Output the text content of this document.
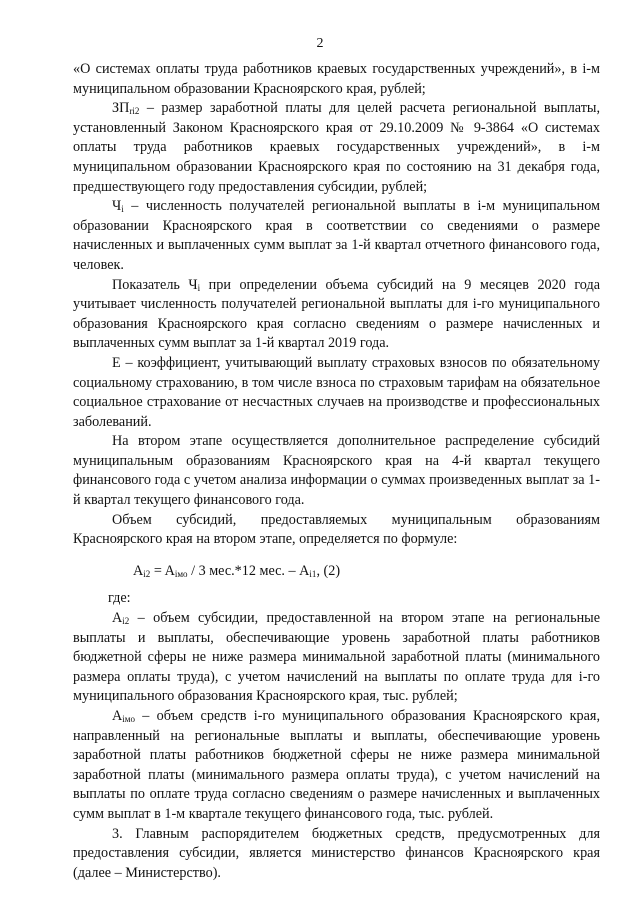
2

«О системах оплаты труда работников краевых государственных учреждений», в i-м муниципальном образовании Красноярского края, рублей;

$ЗП_{ri2}$ – размер заработной платы для целей расчета региональной выплаты, установленный Законом Красноярского края от 29.10.2009 № 9-3864 «О системах оплаты труда работников краевых государственных учреждений», в i-м муниципальном образовании Красноярского края по состоянию на 31 декабря года, предшествующего году предоставления субсидии, рублей;

$Ч_i$ – численность получателей региональной выплаты в i-м муниципальном образовании Красноярского края в соответствии со сведениями о размере начисленных и выплаченных сумм выплат за 1-й квартал отчетного финансового года, человек.

Показатель $Ч_i$ при определении объема субсидий на 9 месяцев 2020 года учитывает численность получателей региональной выплаты для i-го муниципального образования Красноярского края согласно сведениям о размере начисленных и выплаченных сумм выплат за 1-й квартал 2019 года.

Е – коэффициент, учитывающий выплату страховых взносов по обязательному социальному страхованию, в том числе взноса по страховым тарифам на обязательное социальное страхование от несчастных случаев на производстве и профессиональных заболеваний.

На втором этапе осуществляется дополнительное распределение субсидий муниципальным образованиям Красноярского края на 4-й квартал текущего финансового года с учетом анализа информации о суммах произведенных выплат за 1-й квартал текущего финансового года.

Объем субсидий, предоставляемых муниципальным образованиям Красноярского края на втором этапе, определяется по формуле:

$A_{i2} = A_{iмо} / 3$ мес.*12 мес. – $A_{i1}$, (2)

где:

$A_{i2}$ – объем субсидии, предоставленной на втором этапе на региональные выплаты и выплаты, обеспечивающие уровень заработной платы работников бюджетной сферы не ниже размера минимальной заработной платы (минимального размера оплаты труда), с учетом начислений на выплаты по оплате труда для i-го муниципального образования Красноярского края, тыс. рублей;

$A_{iмо}$ – объем средств i-го муниципального образования Красноярского края, направленный на региональные выплаты и выплаты, обеспечивающие уровень заработной платы работников бюджетной сферы не ниже размера минимальной заработной платы (минимального размера оплаты труда), с учетом начислений на выплаты по оплате труда согласно сведениям о размере начисленных и выплаченных сумм выплат в 1-м квартале текущего финансового года, тыс. рублей.

3. Главным распорядителем бюджетных средств, предусмотренных для предоставления субсидии, является министерство финансов Красноярского края (далее – Министерство).
